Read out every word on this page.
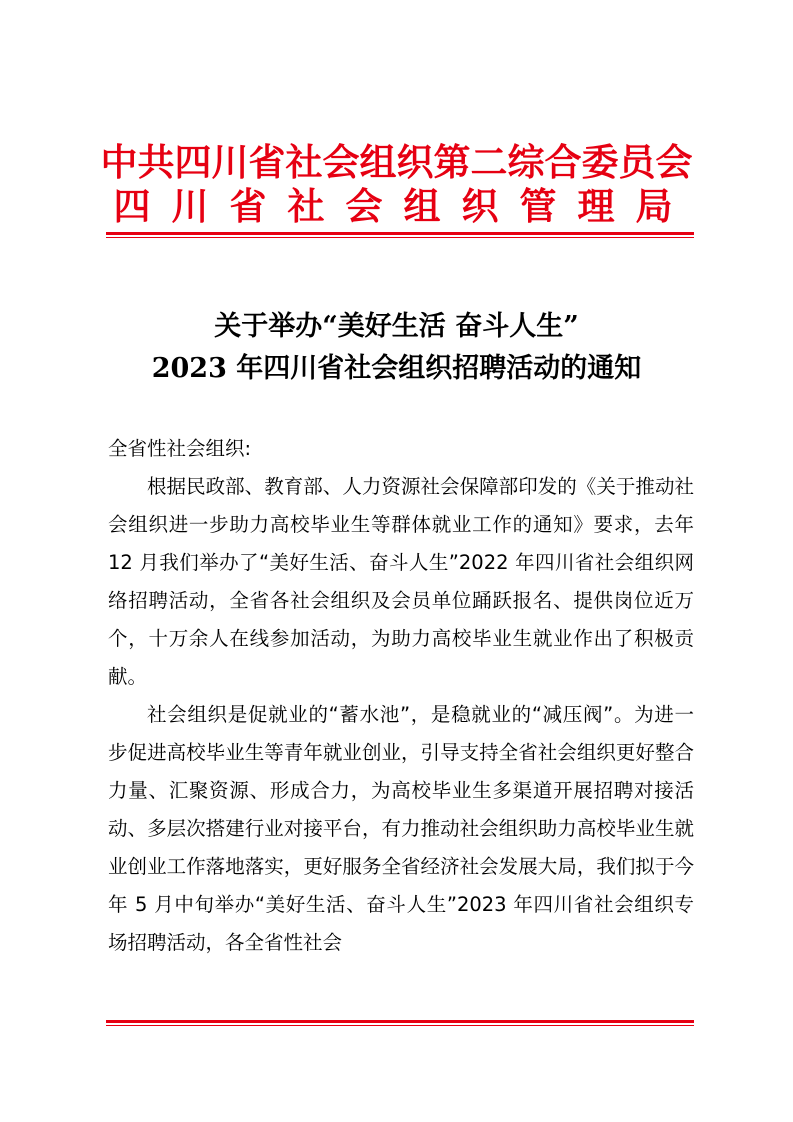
中共四川省社会组织第二综合委员会
四川省社会组织管理局
关于举办“美好生活 奋斗人生”
2023 年四川省社会组织招聘活动的通知

全省性社会组织:

根据民政部、教育部、人力资源社会保障部印发的《关于推动社会组织进一步助力高校毕业生等群体就业工作的通知》要求，去年 12 月我们举办了“美好生活、奋斗人生”2022 年四川省社会组织网络招聘活动，全省各社会组织及会员单位踊跃报名、提供岗位近万个，十万余人在线参加活动，为助力高校毕业生就业作出了积极贡献。

社会组织是促就业的“蓄水池”，是稳就业的“减压阀”。为进一步促进高校毕业生等青年就业创业，引导支持全省社会组织更好整合力量、汇聚资源、形成合力，为高校毕业生多渠道开展招聘对接活动、多层次搭建行业对接平台，有力推动社会组织助力高校毕业生就业创业工作落地落实，更好服务全省经济社会发展大局，我们拟于今年 5 月中旬举办“美好生活、奋斗人生”2023 年四川省社会组织专场招聘活动，各全省性社会
